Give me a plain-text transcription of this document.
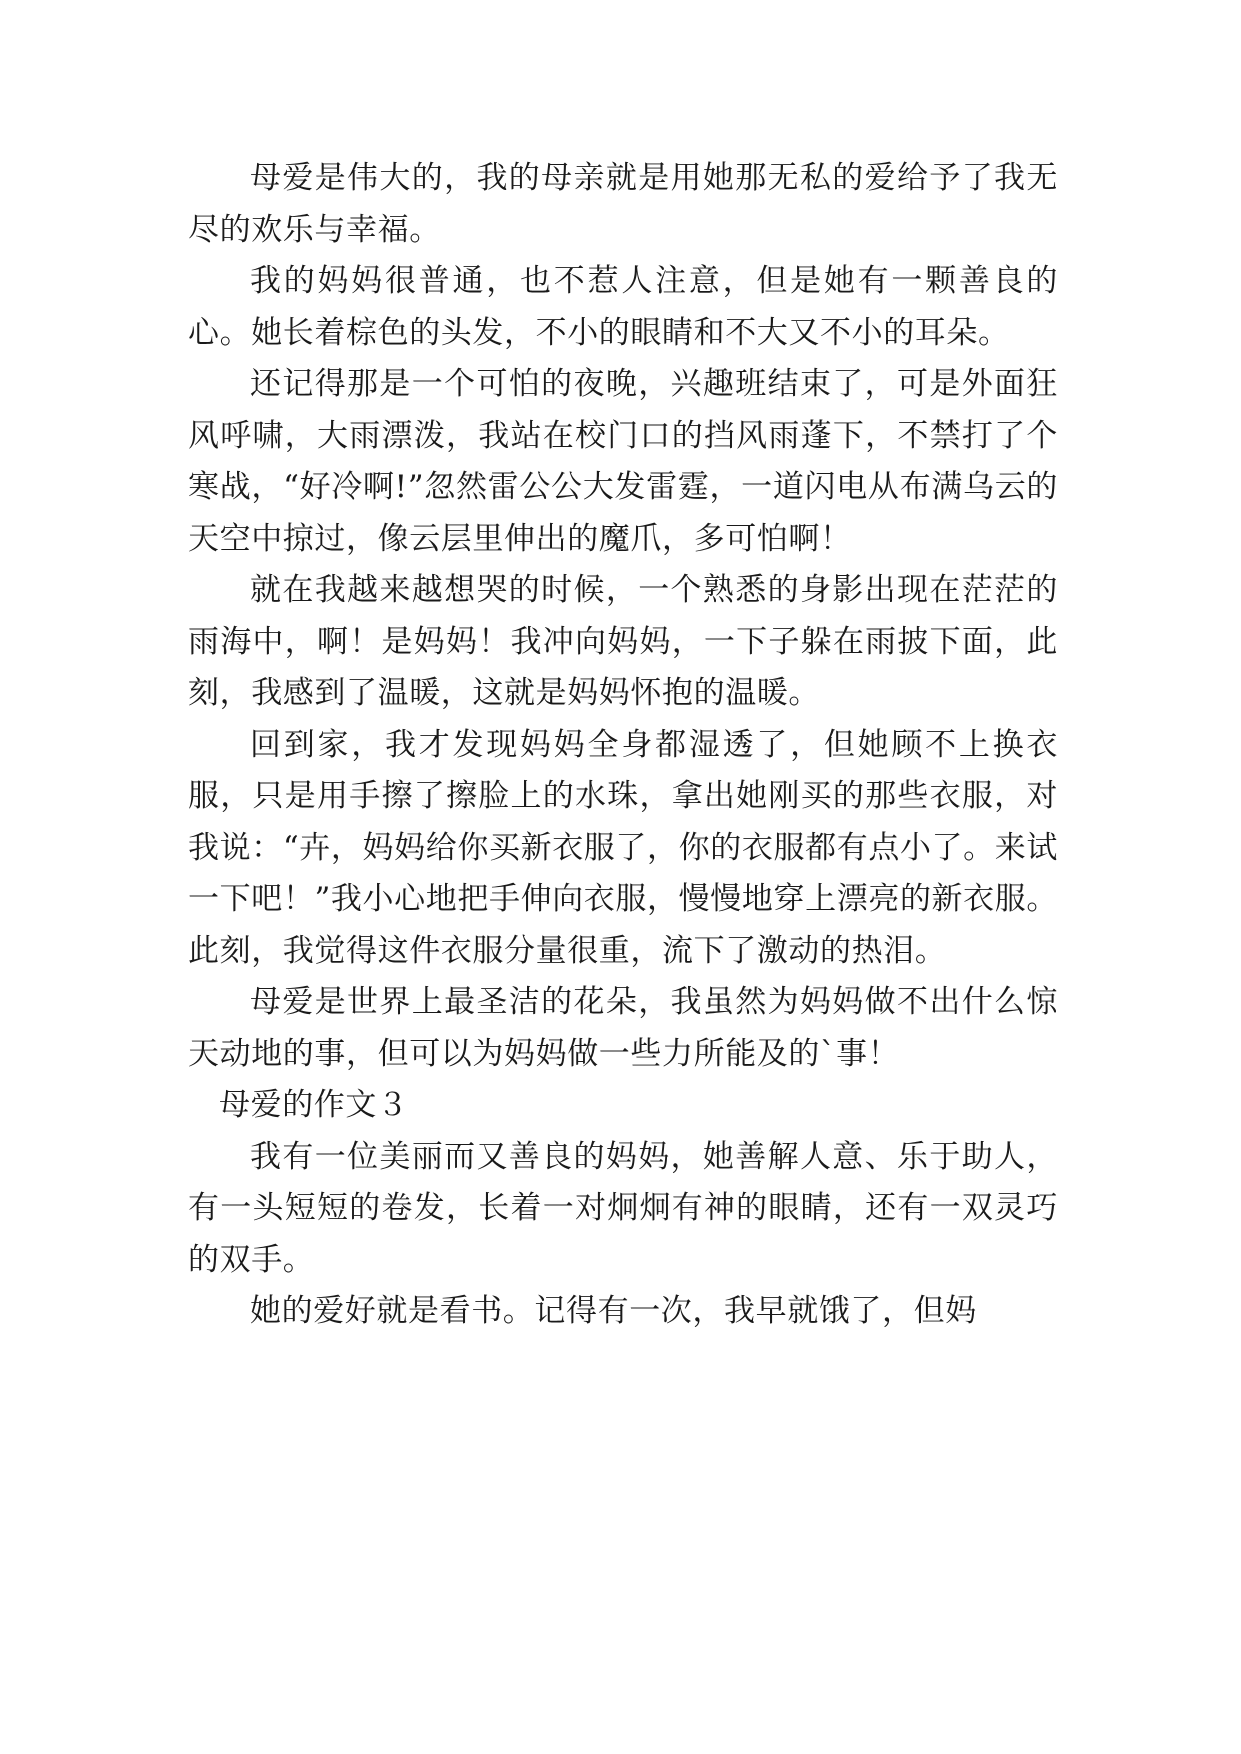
母爱是伟大的，我的母亲就是用她那无私的爱给予了我无尽的欢乐与幸福。

我的妈妈很普通，也不惹人注意，但是她有一颗善良的心。她长着棕色的头发，不小的眼睛和不大又不小的耳朵。

还记得那是一个可怕的夜晚，兴趣班结束了，可是外面狂风呼啸，大雨漂泼，我站在校门口的挡风雨蓬下，不禁打了个寒战，“好冷啊!”忽然雷公公大发雷霆，一道闪电从布满乌云的天空中掠过，像云层里伸出的魔爪，多可怕啊！

就在我越来越想哭的时候，一个熟悉的身影出现在茫茫的雨海中，啊！是妈妈！我冲向妈妈，一下子躲在雨披下面，此刻，我感到了温暖，这就是妈妈怀抱的温暖。

回到家，我才发现妈妈全身都湿透了，但她顾不上换衣服，只是用手擦了擦脸上的水珠，拿出她刚买的那些衣服，对我说：“卉，妈妈给你买新衣服了，你的衣服都有点小了。来试一下吧！”我小心地把手伸向衣服，慢慢地穿上漂亮的新衣服。此刻，我觉得这件衣服分量很重，流下了激动的热泪。

母爱是世界上最圣洁的花朵，我虽然为妈妈做不出什么惊天动地的事，但可以为妈妈做一些力所能及的`事！

母爱的作文３

我有一位美丽而又善良的妈妈，她善解人意、乐于助人，有一头短短的卷发，长着一对炯炯有神的眼睛，还有一双灵巧的双手。

她的爱好就是看书。记得有一次，我早就饿了，但妈
